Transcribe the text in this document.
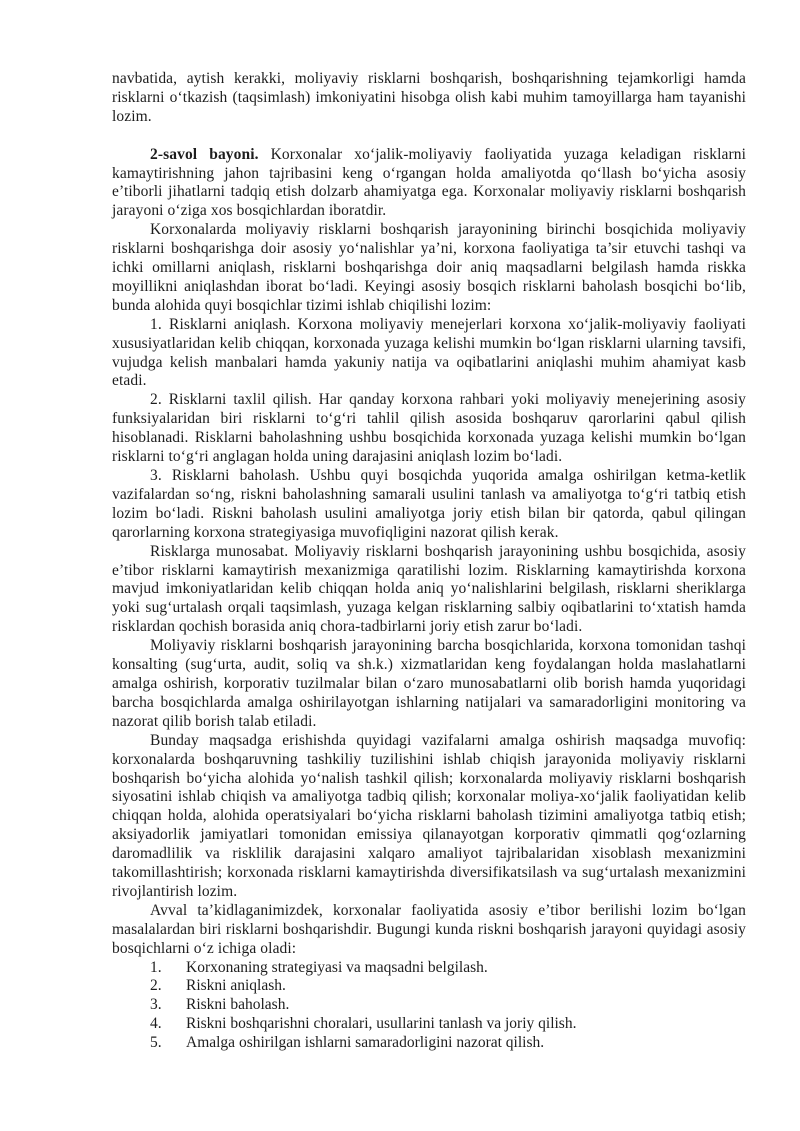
navbatida, aytish kerakki, moliyaviy risklarni boshqarish, boshqarishning tejamkorligi hamda risklarni o‘tkazish (taqsimlash) imkoniyatini hisobga olish kabi muhim tamoyillarga ham tayanishi lozim.

2-savol bayoni. Korxonalar xo‘jalik-moliyaviy faoliyatida yuzaga keladigan risklarni kamaytirishning jahon tajribasini keng o‘rgangan holda amaliyotda qo‘llash bo‘yicha asosiy e’tiborli jihatlarni tadqiq etish dolzarb ahamiyatga ega. Korxonalar moliyaviy risklarni boshqarish jarayoni o‘ziga xos bosqichlardan iboratdir.

Korxonalarda moliyaviy risklarni boshqarish jarayonining birinchi bosqichida moliyaviy risklarni boshqarishga doir asosiy yo‘nalishlar ya’ni, korxona faoliyatiga ta’sir etuvchi tashqi va ichki omillarni aniqlash, risklarni boshqarishga doir aniq maqsadlarni belgilash hamda riskka moyillikni aniqlashdan iborat bo‘ladi. Keyingi asosiy bosqich risklarni baholash bosqichi bo‘lib, bunda alohida quyi bosqichlar tizimi ishlab chiqilishi lozim:

1. Risklarni aniqlash. Korxona moliyaviy menejerlari korxona xo‘jalik-moliyaviy faoliyati xususiyatlaridan kelib chiqqan, korxonada yuzaga kelishi mumkin bo‘lgan risklarni ularning tavsifi, vujudga kelish manbalari hamda yakuniy natija va oqibatlarini aniqlashi muhim ahamiyat kasb etadi.

2. Risklarni taxlil qilish. Har qanday korxona rahbari yoki moliyaviy menejerining asosiy funksiyalaridan biri risklarni to‘g‘ri tahlil qilish asosida boshqaruv qarorlarini qabul qilish hisoblanadi. Risklarni baholashning ushbu bosqichida korxonada yuzaga kelishi mumkin bo‘lgan risklarni to‘g‘ri anglagan holda uning darajasini aniqlash lozim bo‘ladi.

3. Risklarni baholash. Ushbu quyi bosqichda yuqorida amalga oshirilgan ketma-ketlik vazifalardan so‘ng, riskni baholashning samarali usulini tanlash va amaliyotga to‘g‘ri tatbiq etish lozim bo‘ladi. Riskni baholash usulini amaliyotga joriy etish bilan bir qatorda, qabul qilingan qarorlarning korxona strategiyasiga muvofiqligini nazorat qilish kerak.

Risklarga munosabat. Moliyaviy risklarni boshqarish jarayonining ushbu bosqichida, asosiy e’tibor risklarni kamaytirish mexanizmiga qaratilishi lozim. Risklarning kamaytirishda korxona mavjud imkoniyatlaridan kelib chiqqan holda aniq yo‘nalishlarini belgilash, risklarni sheriklarga yoki sug‘urtalash orqali taqsimlash, yuzaga kelgan risklarning salbiy oqibatlarini to‘xtatish hamda risklardan qochish borasida aniq chora-tadbirlarni joriy etish zarur bo‘ladi.

Moliyaviy risklarni boshqarish jarayonining barcha bosqichlarida, korxona tomonidan tashqi konsalting (sug‘urta, audit, soliq va sh.k.) xizmatlaridan keng foydalangan holda maslahatlarni amalga oshirish, korporativ tuzilmalar bilan o‘zaro munosabatlarni olib borish hamda yuqoridagi barcha bosqichlarda amalga oshirilayotgan ishlarning natijalari va samaradorligini monitoring va nazorat qilib borish talab etiladi.

Bunday maqsadga erishishda quyidagi vazifalarni amalga oshirish maqsadga muvofiq: korxonalarda boshqaruvning tashkiliy tuzilishini ishlab chiqish jarayonida moliyaviy risklarni boshqarish bo‘yicha alohida yo‘nalish tashkil qilish; korxonalarda moliyaviy risklarni boshqarish siyosatini ishlab chiqish va amaliyotga tadbiq qilish; korxonalar moliya-xo‘jalik faoliyatidan kelib chiqqan holda, alohida operatsiyalari bo‘yicha risklarni baholash tizimini amaliyotga tatbiq etish; aksiyadorlik jamiyatlari tomonidan emissiya qilanayotgan korporativ qimmatli qog‘ozlarning daromadlilik va risklilik darajasini xalqaro amaliyot tajribalaridan xisoblash mexanizmini takomillashtirish; korxonada risklarni kamaytirishda diversifikatsilash va sug‘urtalash mexanizmini rivojlantirish lozim.

Avval ta’kidlaganimizdek, korxonalar faoliyatida asosiy e’tibor berilishi lozim bo‘lgan masalalardan biri risklarni boshqarishdir. Bugungi kunda riskni boshqarish jarayoni quyidagi asosiy bosqichlarni o‘z ichiga oladi:

1.	Korxonaning strategiyasi va maqsadni belgilash.
2.	Riskni aniqlash.
3.	Riskni baholash.
4.	Riskni boshqarishni choralari, usullarini tanlash va joriy qilish.
5.	Amalga oshirilgan ishlarni samaradorligini nazorat qilish.
